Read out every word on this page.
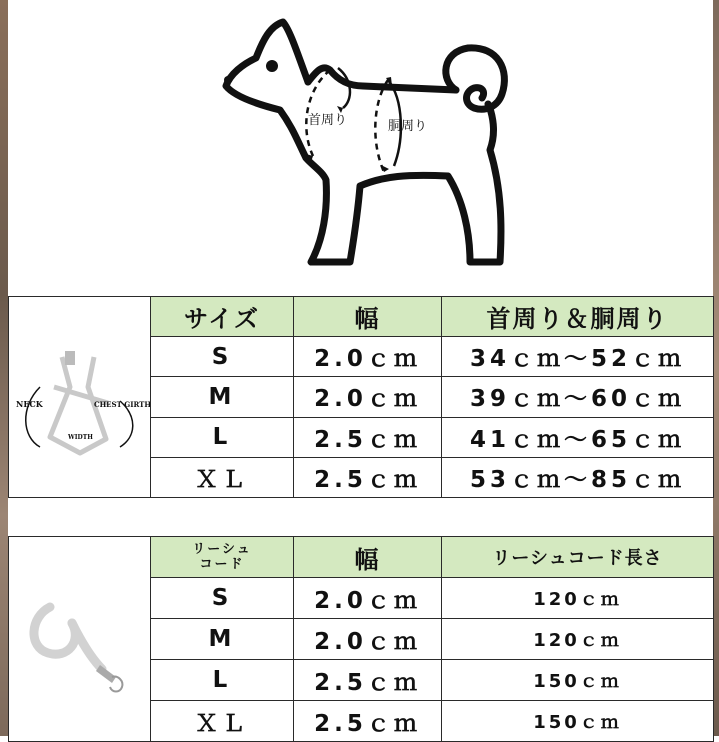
首周り	胴周り
NECK CHEST GIRTH
WIDTH	サイズ	幅	首周り＆胴周り
	S	2.0ｃｍ	34ｃｍ〜52ｃｍ
	M	2.0ｃｍ	39ｃｍ〜60ｃｍ
	L	2.5ｃｍ	41ｃｍ〜65ｃｍ
	ＸＬ	2.5ｃｍ	53ｃｍ〜85ｃｍ

リーシュ
コード	幅	リーシュコード長さ
	S	2.0ｃｍ	120ｃｍ
	M	2.0ｃｍ	120ｃｍ
	L	2.5ｃｍ	150ｃｍ
	ＸＬ	2.5ｃｍ	150ｃｍ
